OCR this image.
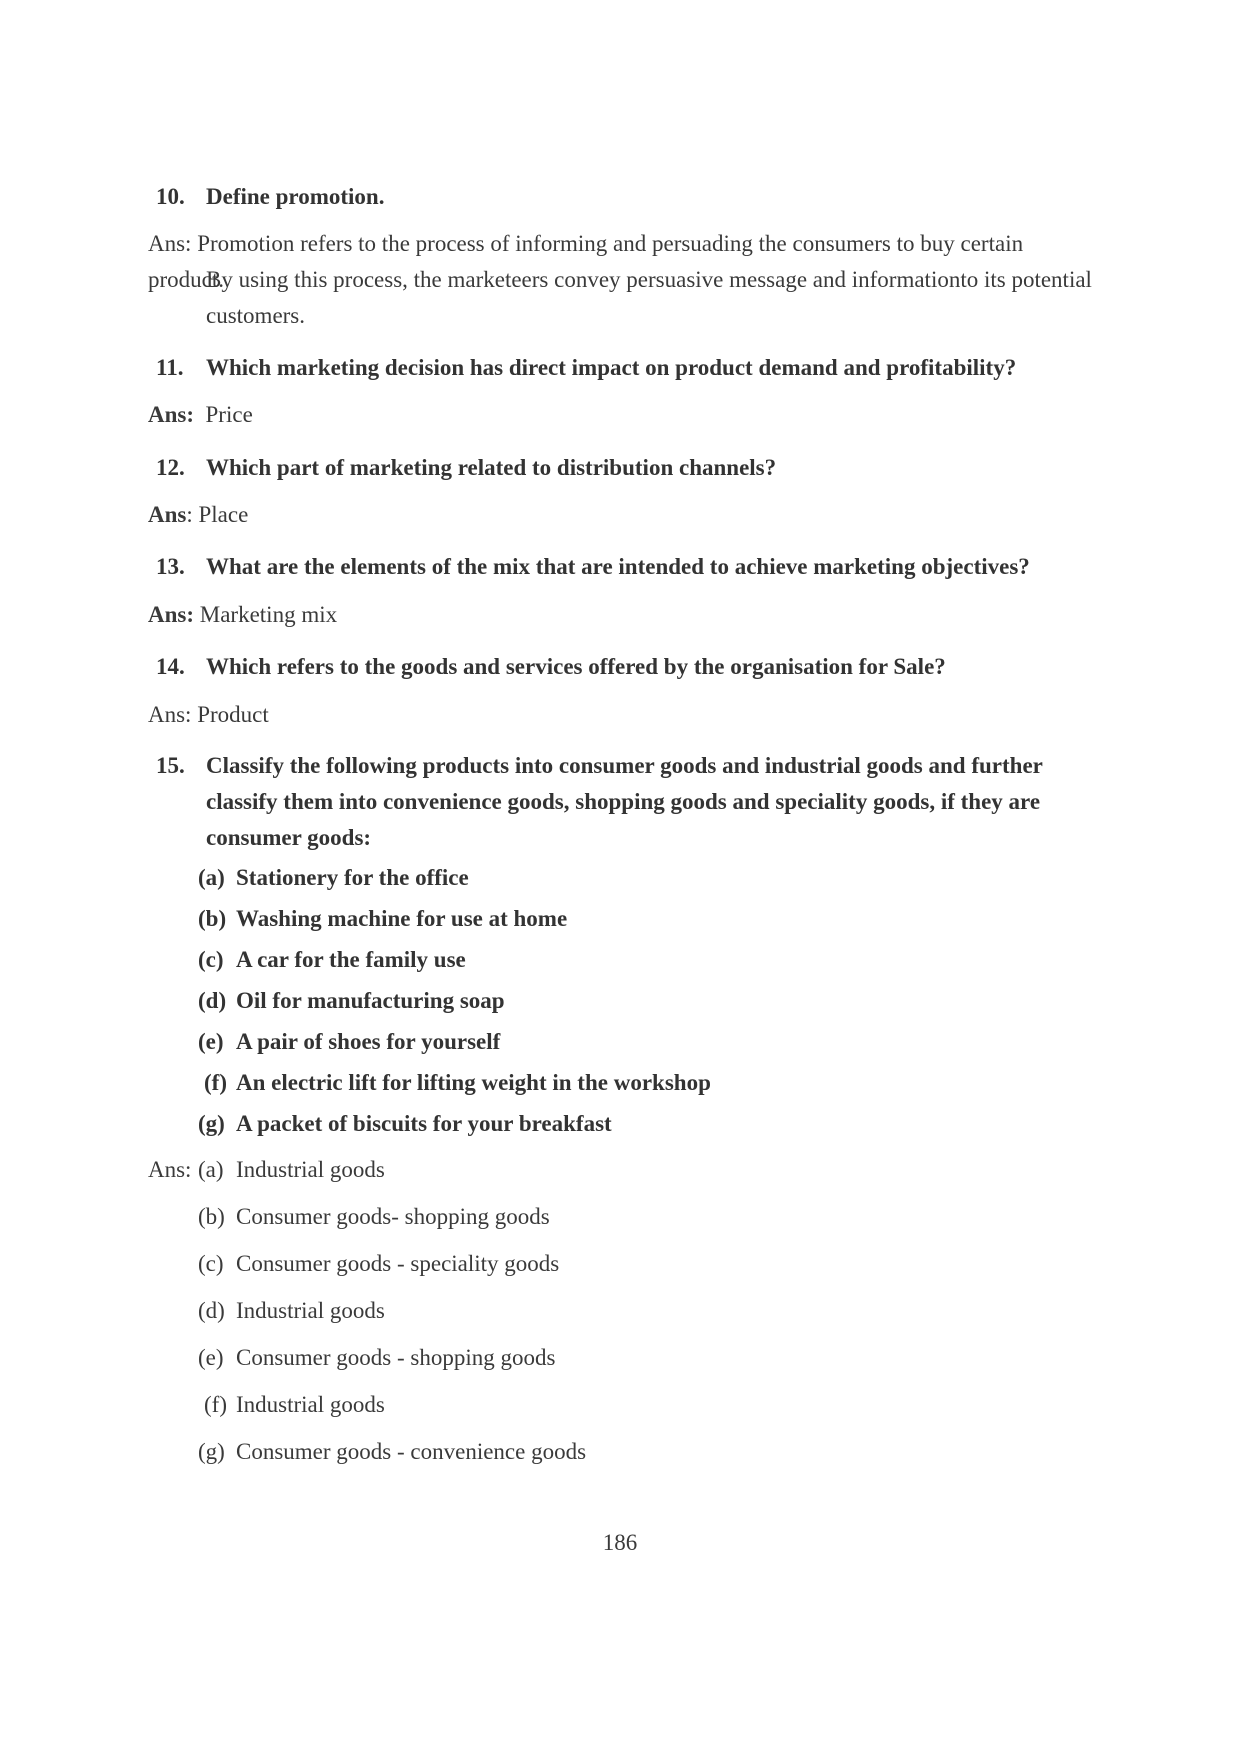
10. Define promotion.
Ans: Promotion refers to the process of informing and persuading the consumers to buy certain product.
By using this process, the marketeers convey persuasive message and informationto its potential
customers.
11. Which marketing decision has direct impact on product demand and profitability?
Ans: Price
12. Which part of marketing related to distribution channels?
Ans: Place
13. What are the elements of the mix that are intended to achieve marketing objectives?
Ans: Marketing mix
14. Which refers to the goods and services offered by the organisation for Sale?
Ans: Product
15. Classify the following products into consumer goods and industrial goods and further
classify them into convenience goods, shopping goods and speciality goods, if they are
consumer goods:
(a) Stationery for the office
(b) Washing machine for use at home
(c) A car for the family use
(d) Oil for manufacturing soap
(e) A pair of shoes for yourself
(f) An electric lift for lifting weight in the workshop
(g) A packet of biscuits for your breakfast
Ans: (a) Industrial goods
(b) Consumer goods- shopping goods
(c) Consumer goods - speciality goods
(d) Industrial goods
(e) Consumer goods - shopping goods
(f) Industrial goods
(g) Consumer goods - convenience goods
186
